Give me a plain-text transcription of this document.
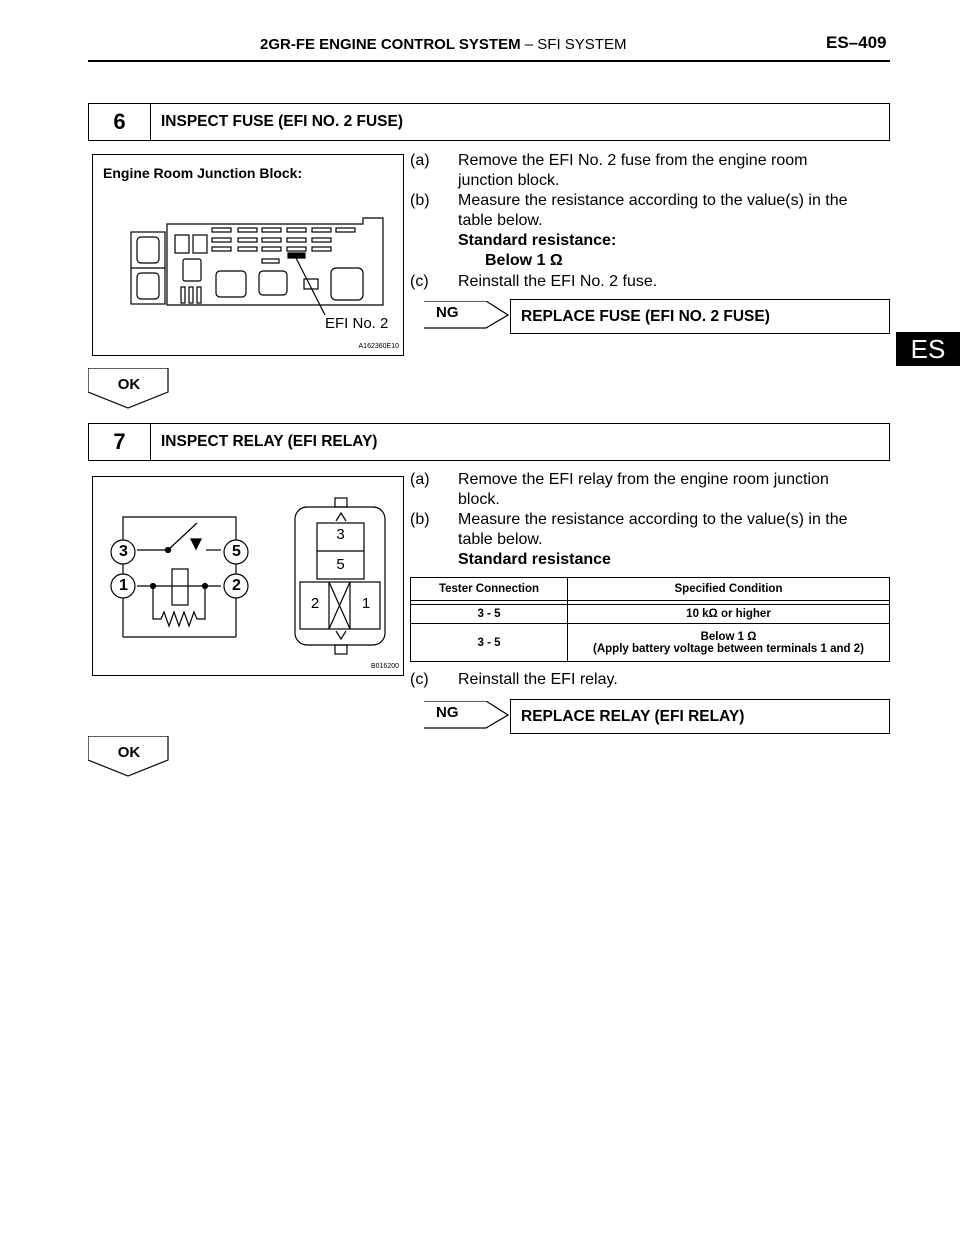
2GR-FE ENGINE CONTROL SYSTEM – SFI SYSTEM	ES–409
ES
6	INSPECT FUSE (EFI NO. 2 FUSE)
Engine Room Junction Block:
EFI No. 2
A162360E10
(a) Remove the EFI No. 2 fuse from the engine room
junction block.
(b) Measure the resistance according to the value(s) in the
table below.
Standard resistance:
Below 1 Ω
(c) Reinstall the EFI No. 2 fuse.
NG	REPLACE FUSE (EFI NO. 2 FUSE)
OK
7	INSPECT RELAY (EFI RELAY)
3	5
1	2
3
5
2	1
B016200
(a) Remove the EFI relay from the engine room junction
block.
(b) Measure the resistance according to the value(s) in the
table below.
Standard resistance
Tester Connection	Specified Condition

3 - 5	10 kΩ or higher
3 - 5	Below 1 Ω
(Apply battery voltage between terminals 1 and 2)
(c) Reinstall the EFI relay.
NG	REPLACE RELAY (EFI RELAY)
OK
